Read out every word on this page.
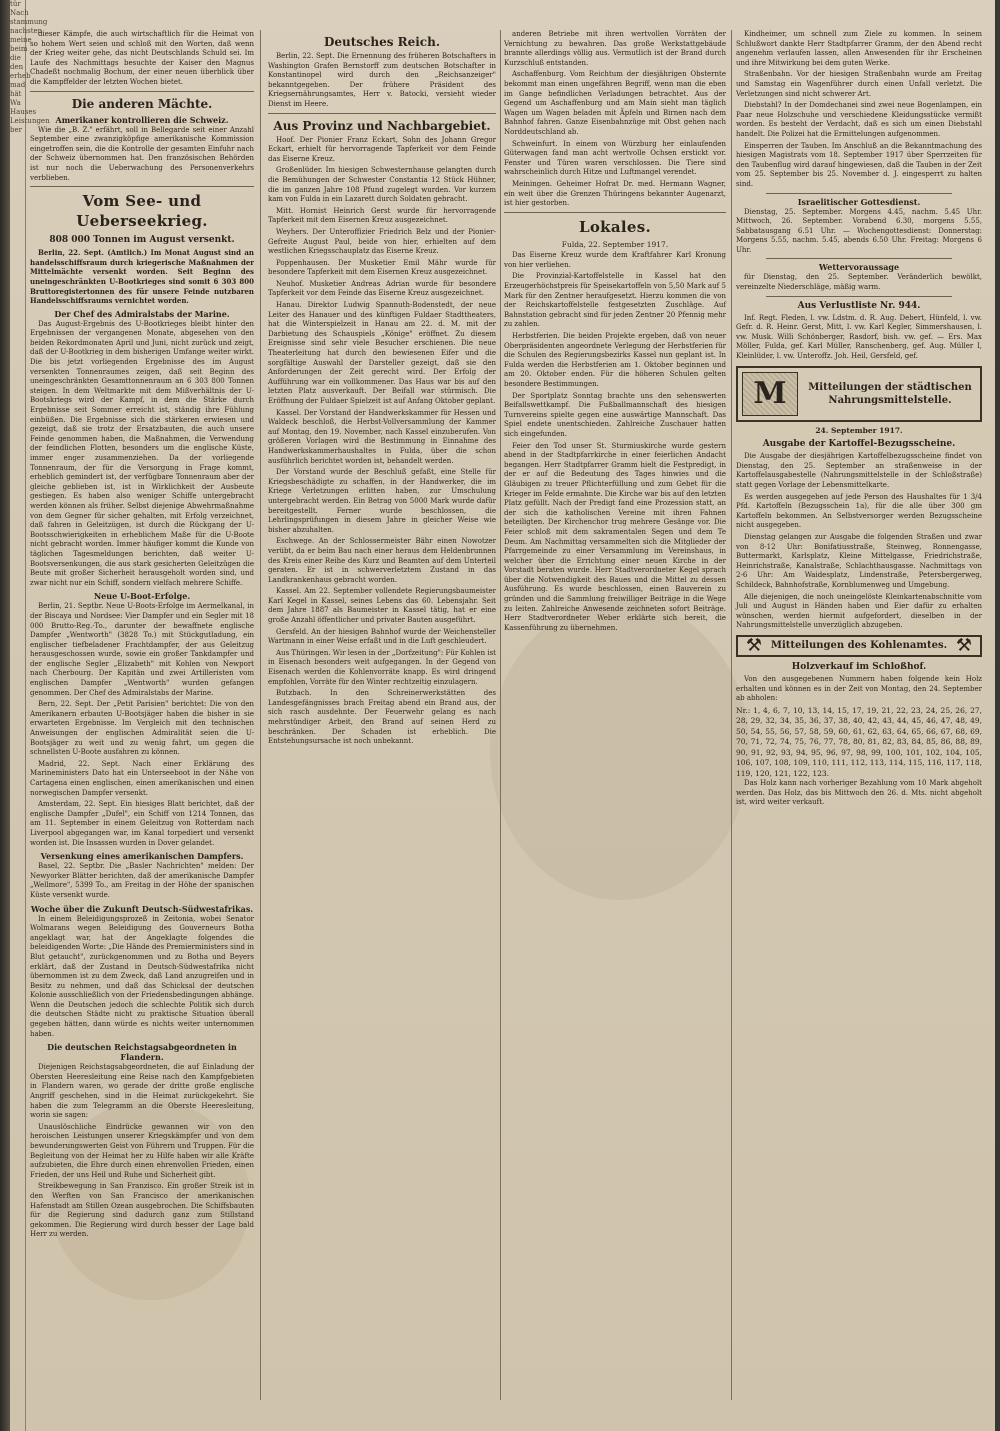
tür Nach stammung nachsten meine beim die den erheb mad hät Wa Hauses Leistungen ber
dieser Kämpfe, die auch wirtschaftlich für die Heimat von so hohem Wert seien und schloß mit den Worten, daß wenn der Krieg weiter gehe, das nicht Deutschlands Schuld sei. Im Laufe des Nachmittags besuchte der Kaiser den Magnus Chadeßt nochmalig Bochum, der einer neuen überblick über die Kampffelder der letzten Wochen bietet.
Die anderen Mächte.
Amerikaner kontrollieren die Schweiz.
Wie die „B. Z." erfährt, soll in Bellegarde seit einer Anzahl September eine zwanzigköpfige amerikanische Kommission eingetroffen sein, die die Kontrolle der gesamten Einfuhr nach der Schweiz übernommen hat. Den französischen Behörden ist nur noch die Ueberwachung des Personenverkehrs verblieben.
Vom See- und Ueberseekrieg.
808 000 Tonnen im August versenkt.
Berlin, 22. Sept. (Amtlich.) Im Monat August sind an handelsschiffsraum durch kriegerische Maßnahmen der Mittelmächte versenkt worden. Seit Beginn des uneingeschränkten U-Bootkrieges sind somit 6 303 800 Bruttoregistertonnen des für unsere Feinde nutzbaren Handelsschiffsraums vernichtet worden.
Der Chef des Admiralstabs der Marine.
Das August-Ergebnis des U-Bootkrieges bleibt hinter den Ergebnissen der vergangenen Monate, abgesehen von den beiden Rekordmonaten April und Juni, nicht zurück und zeigt, daß der U-Bootkrieg in dem bisherigen Umfange weiter wirkt. Die bis jetzt vorliegenden Ergebnisse des im August versenkten Tonnenraumes zeigen, daß seit Beginn des uneingeschränkten Gesamttonnenraum an 6 303 800 Tonnen steigen. In dem Weltmarkte mit dem Mißverhältnis der U-Bootskriegs wird der Kampf, in dem die Stärke durch Ergebnisse seit Sommer erreicht ist, ständig ihre Fühlung einbüßen. Die Ergebnisse sich die stärkeren erwiesen und gezeigt, daß sie trotz der Ersatzbauten, die auch unsere Feinde genommen haben, die Maßnahmen, die Verwendung der feindlichen Flotten, besonders um die englische Küste, immer enger zusammenziehen. Da der vorliegende Tonnenraum, der für die Versorgung in Frage kommt, erheblich gemindert ist, der verfügbare Tonnenraum aber der gleiche geblieben ist, ist in Wirklichkeit der Ausbeute gestiegen. Es haben also weniger Schiffe untergebracht werden können als früher. Selbst diejenige Abwehrmaßnahme von dem Gegner für sicher gehalten, mit Erfolg verzeichnet, daß fahren in Geleitzügen, ist durch die Rückgang der U-Bootsschwierigkeiten in erheblichem Maße für die U-Boote nicht gebracht worden. Immer häufiger kommt die Kunde von täglichen Tagesmeldungen berichten, daß weiter U-Bootsversenkungen, die aus stark gesicherten Geleitzügen die Beute mit großer Sicherheit herausgeholt worden sind, und zwar nicht nur ein Schiff, sondern vielfach mehrere Schiffe.
Neue U-Boot-Erfolge.
Berlin, 21. Septbr. Neue U-Boots-Erfolge im Aermelkanal, in der Biscaya und Nordsee: Vier Dampfer und ein Segler mit 18 000 Brutto-Reg.-To., darunter der bewaffnete englische Dampfer „Wentworth" (3828 To.) mit Stückgutladung, ein englischer tiefbeladener Frachtdampfer, der aus Geleitzug herausgeschossen wurde, sowie ein großer Tankdampfer und der englische Segler „Elizabeth" mit Kohlen von Newport nach Cherbourg. Der Kapitän und zwei Artilleristen vom englischen Dampfer „Wentworth" wurden gefangen genommen. Der Chef des Admiralstabs der Marine.
Bern, 22. Sept. Der „Petit Parisien" berichtet: Die von den Amerikanern erbauten U-Bootsjäger haben die bisher in sie erwarteten Ergebnisse. Im Vergleich mit den technischen Anweisungen der englischen Admiralität seien die U-Bootsjäger zu weit und zu wenig fahrt, um gegen die schnellsten U-Boote ausfahren zu können.
Madrid, 22. Sept. Nach einer Erklärung des Marineministers Dato hat ein Unterseeboot in der Nähe von Cartagena einen englischen, einen amerikanischen und einen norwegischen Dampfer versenkt.
Amsterdam, 22. Sept. Ein hiesiges Blatt berichtet, daß der englische Dampfer „Dufel", ein Schiff von 1214 Tonnen, das am 11. September in einem Geleitzug von Rotterdam nach Liverpool abgegangen war, im Kanal torpediert und versenkt worden ist. Die Insassen wurden in Dover gelandet.
Versenkung eines amerikanischen Dampfers.
Basel, 22. Septbr. Die „Basler Nachrichten" melden: Der Newyorker Blätter berichten, daß der amerikanische Dampfer „Wellmore", 5399 To., am Freitag in der Höhe der spanischen Küste versenkt wurde.
Woche über die Zukunft Deutsch-Südwestafrikas.
In einem Beleidigungsprozeß in Zeitonia, wobei Senator Wolmarans wegen Beleidigung des Gouverneurs Botha angeklagt war, hat der Angeklagte folgendes die beleidigenden Worte: „Die Hände des Premierministers sind in Blut getaucht", zurückgenommen und zu Botha und Beyers erklärt, daß der Zustand in Deutsch-Südwestafrika nicht übernommen ist zu dem Zweck, daß Land anzugreifen und in Besitz zu nehmen, und daß das Schicksal der deutschen Kolonie ausschließlich von der Friedensbedingungen abhänge. Wenn die Deutschen jedoch die schlechte Politik sich durch die deutschen Städte nicht zu praktische Situation überall gegeben hätten, dann würde es nichts weiter unternommen haben.
Die deutschen Reichstagsabgeordneten in Flandern.
Diejenigen Reichstagsabgeordneten, die auf Einladung der Obersten Heeresleitung eine Reise nach den Kampfgebieten in Flandern waren, wo gerade der dritte große englische Angriff geschehen, sind in die Heimat zurückgekehrt. Sie haben die zum Telegramm an die Oberste Heeresleitung, worin sie sagen:
Unauslöschliche Eindrücke gewannen wir von den heroischen Leistungen unserer Kriegskämpfer und von dem bewunderungswerten Geist von Führern und Truppen. Für die Begleitung von der Heimat her zu Hilfe haben wir alle Kräfte aufzubieten, die Ehre durch einen ehrenvollen Frieden, einen Frieden, der uns Heil und Ruhe und Sicherheit gibt.
Streikbewegung in San Franzisco. Ein großer Streik ist in den Werften von San Francisco der amerikanischen Hafenstadt am Stillen Ozean ausgebrochen. Die Schiffsbauten für die Regierung sind dadurch ganz zum Stillstand gekommen. Die Regierung wird durch besser der Lage bald Herr zu werden.
Deutsches Reich.
Berlin, 22. Sept. Die Ernennung des früheren Botschafters in Washington Grafen Bernstorff zum deutschen Botschafter in Konstantinopel wird durch den „Reichsanzeiger" bekanntgegeben. Der frühere Präsident des Kriegsernährungsamtes, Herr v. Batocki, versieht wieder Dienst im Heere.
Aus Provinz und Nachbargebiet.
Hoof. Der Pionier Franz Eckart, Sohn des Johann Gregor Eckart, erhielt für hervorragende Tapferkeit vor dem Feinde das Eiserne Kreuz.
Großenlüder. Im hiesigen Schwesternhause gelangten durch die Bemühungen der Schwester Constantia 12 Stück Hühner, die im ganzen Jahre 108 Pfund zugelegt wurden. Vor kurzem kam von Fulda in ein Lazarett durch Soldaten gebracht.
Mitt. Hornist Heinrich Gerst wurde für hervorragende Tapferkeit mit dem Eisernen Kreuz ausgezeichnet.
Weyhers. Der Unteroffizier Friedrich Belz und der Pionier-Gefreite August Paul, beide von hier, erhielten auf dem westlichen Kriegsschauplatz das Eiserne Kreuz.
Poppenhausen. Der Musketier Emil Mähr wurde für besondere Tapferkeit mit dem Eisernen Kreuz ausgezeichnet.
Neuhof. Musketier Andreas Adrian wurde für besondere Tapferkeit vor dem Feinde das Eiserne Kreuz ausgezeichnet.
Hanau. Direktor Ludwig Spannuth-Bodenstedt, der neue Leiter des Hanauer und des künftigen Fuldaer Stadttheaters, hat die Winterspielzeit in Hanau am 22. d. M. mit der Darbietung des Schauspiels „Könige" eröffnet. Zu diesem Ereignisse sind sehr viele Besucher erschienen. Die neue Theaterleitung hat durch den bewiesenen Eifer und die sorgfältige Auswahl der Darsteller gezeigt, daß sie den Anforderungen der Zeit gerecht wird. Der Erfolg der Aufführung war ein vollkommener. Das Haus war bis auf den letzten Platz ausverkauft. Der Beifall war stürmisch. Die Eröffnung der Fuldaer Spielzeit ist auf Anfang Oktober geplant.
Kassel. Der Vorstand der Handwerkskammer für Hessen und Waldeck beschloß, die Herbst-Vollversammlung der Kammer auf Montag, den 19. November, nach Kassel einzuberufen. Von größeren Vorlagen wird die Bestimmung in Einnahme des Handwerkskammerhaushaltes in Fulda, über die schon ausführlich berichtet worden ist, behandelt werden.
Der Vorstand wurde der Beschluß gefaßt, eine Stelle für Kriegsbeschädigte zu schaffen, in der Handwerker, die im Kriege Verletzungen erlitten haben, zur Umschulung untergebracht werden. Ein Betrag von 5000 Mark wurde dafür bereitgestellt. Ferner wurde beschlossen, die Lehrlingsprüfungen in diesem Jahre in gleicher Weise wie bisher abzuhalten.
Eschwege. An der Schlossermeister Bähr einen Nowotzer verübt, da er beim Bau nach einer heraus dem Heldenbrunnen des Kreis einer Reihe des Kurz und Beamten auf dem Unterteil geraten. Er ist in schwerverletztem Zustand in das Landkrankenhaus gebracht worden.
Kassel. Am 22. September vollendete Regierungsbaumeister Karl Kegel in Kassel, seines Lebens das 60. Lebensjahr. Seit dem Jahre 1887 als Baumeister in Kassel tätig, hat er eine große Anzahl öffentlicher und privater Bauten ausgeführt.
Gersfeld. An der hiesigen Bahnhof wurde der Weichensteller Wartmann in einer Weise erfaßt und in die Luft geschleudert.
Aus Thüringen. Wir lesen in der „Dorfzeitung": Für Kohlen ist in Eisenach besonders weit aufgegangen. In der Gegend von Eisenach werden die Kohlenvorräte knapp. Es wird dringend empfohlen, Vorräte für den Winter rechtzeitig einzulagern.
Butzbach. In den Schreinerwerkstätten des Landesgefängnisses brach Freitag abend ein Brand aus, der sich rasch ausdehnte. Der Feuerwehr gelang es nach mehrstündiger Arbeit, den Brand auf seinen Herd zu beschränken. Der Schaden ist erheblich. Die Entstehungsursache ist noch unbekannt.
anderen Betriebe mit ihren wertvollen Vorräten der Vernichtung zu bewahren. Das große Werkstattgebäude brannte allerdings völlig aus. Vermutlich ist der Brand durch Kurzschluß entstanden.
Aschaffenburg. Vom Reichtum der diesjährigen Obsternte bekommt man einen ungefähren Begriff, wenn man die eben im Gange befindlichen Verladungen betrachtet. Aus der Gegend um Aschaffenburg und am Main sieht man täglich Wagen um Wagen beladen mit Äpfeln und Birnen nach dem Bahnhof fahren. Ganze Eisenbahnzüge mit Obst gehen nach Norddeutschland ab.
Schweinfurt. In einem von Würzburg her einlaufenden Güterwagen fand man acht wertvolle Ochsen erstickt vor. Fenster und Türen waren verschlossen. Die Tiere sind wahrscheinlich durch Hitze und Luftmangel verendet.
Meiningen. Geheimer Hofrat Dr. med. Hermann Wagner, ein weit über die Grenzen Thüringens bekannter Augenarzt, ist hier gestorben.
Lokales.
Fulda, 22. September 1917.
Das Eiserne Kreuz wurde dem Kraftfahrer Karl Kronung von hier verliehen.
Die Provinzial-Kartoffelstelle in Kassel hat den Erzeugerhöchstpreis für Speisekartoffeln von 5,50 Mark auf 5 Mark für den Zentner heraufgesetzt. Hierzu kommen die von der Reichskartoffelstelle festgesetzten Zuschläge. Auf Bahnstation gebracht sind für jeden Zentner 20 Pfennig mehr zu zahlen.
Herbstferien. Die beiden Projekte ergeben, daß von neuer Oberpräsidenten angeordnete Verlegung der Herbstferien für die Schulen des Regierungsbezirks Kassel nun geplant ist. In Fulda werden die Herbstferien am 1. Oktober beginnen und am 20. Oktober enden. Für die höheren Schulen gelten besondere Bestimmungen.
Der Sportplatz Sonntag brachte uns den sehenswerten Beifallswettkampf. Die Fußballmannschaft des hiesigen Turnvereins spielte gegen eine auswärtige Mannschaft. Das Spiel endete unentschieden. Zahlreiche Zuschauer hatten sich eingefunden.
Feier den Tod unser St. Sturmiuskirche wurde gestern abend in der Stadtpfarrkirche in einer feierlichen Andacht begangen. Herr Stadtpfarrer Gramm hielt die Festpredigt, in der er auf die Bedeutung des Tages hinwies und die Gläubigen zu treuer Pflichterfüllung und zum Gebet für die Krieger im Felde ermahnte. Die Kirche war bis auf den letzten Platz gefüllt. Nach der Predigt fand eine Prozession statt, an der sich die katholischen Vereine mit ihren Fahnen beteiligten. Der Kirchenchor trug mehrere Gesänge vor. Die Feier schloß mit dem sakramentalen Segen und dem Te Deum. Am Nachmittag versammelten sich die Mitglieder der Pfarrgemeinde zu einer Versammlung im Vereinshaus, in welcher über die Errichtung einer neuen Kirche in der Vorstadt beraten wurde. Herr Stadtverordneter Kegel sprach über die Notwendigkeit des Baues und die Mittel zu dessen Ausführung. Es wurde beschlossen, einen Bauverein zu gründen und die Sammlung freiwilliger Beiträge in die Wege zu leiten. Zahlreiche Anwesende zeichneten sofort Beiträge. Herr Stadtverordneter Weber erklärte sich bereit, die Kassenführung zu übernehmen.
Kindheimer, um schnell zum Ziele zu kommen. In seinem Schlußwort dankte Herr Stadtpfarrer Gramm, der den Abend recht angenehm verlaufen lassen, allen Anwesenden für ihr Erscheinen und ihre Mitwirkung bei dem guten Werke.
Straßenbahn. Vor der hiesigen Straßenbahn wurde am Freitag und Samstag ein Wagenführer durch einen Unfall verletzt. Die Verletzungen sind nicht schwerer Art.
Diebstahl? In der Domdechanei sind zwei neue Bogenlampen, ein Paar neue Holzschuhe und verschiedene Kleidungsstücke vermißt worden. Es besteht der Verdacht, daß es sich um einen Diebstahl handelt. Die Polizei hat die Ermittelungen aufgenommen.
Einsperren der Tauben. Im Anschluß an die Bekanntmachung des hiesigen Magistrats vom 18. September 1917 über Sperrzeiten für den Taubenflug wird darauf hingewiesen, daß die Tauben in der Zeit vom 25. September bis 25. November d. J. eingesperrt zu halten sind.
Israelitischer Gottesdienst.
Dienstag, 25. September. Morgens 4.45, nachm. 5.45 Uhr. Mittwoch, 26. September. Vorabend 6.30, morgens 5.55, Sabbatausgang 6.51 Uhr. — Wochengottesdienst: Donnerstag: Morgens 5.55, nachm. 5.45, abends 6.50 Uhr. Freitag: Morgens 6 Uhr.
Wettervoraussage
für Dienstag, den 25. September. Veränderlich bewölkt, vereinzelte Niederschläge, mäßig warm.
Aus Verlustliste Nr. 944.
Inf. Regt. Fleden, l. vw. Ldstm. d. R. Aug. Debert, Hünfeld, l. vw. Gefr. d. R. Heinr. Gerst, Mitt, l. vw. Karl Kegler, Simmershausen, l. vw. Musk. Willi Schönberger, Rasdorf, bish. vw. gef. — Ers. Max Möller, Fulda, gef. Karl Müller, Ranschenberg, gef. Aug. Müller I, Kleinlüder, l. vw. Unteroffz. Joh. Heil, Gersfeld, gef.
M	Mitteilungen der städtischen Nahrungsmittelstelle.
24. September 1917.
Ausgabe der Kartoffel-Bezugsscheine.
Die Ausgabe der diesjährigen Kartoffelbezugsscheine findet von Dienstag, den 25. September an straßenweise in der Kartoffelausgabestelle (Nahrungsmittelstelle in der Schloßstraße) statt gegen Vorlage der Lebensmittelkarte.
Es werden ausgegeben auf jede Person des Haushaltes für 1 3/4 Pfd. Kartoffeln (Bezugsschein 1a), für die alle über 300 gm Kartoffeln bekommen. An Selbstversorger werden Bezugsscheine nicht ausgegeben.
Dienstag gelangen zur Ausgabe die folgenden Straßen und zwar von 8-12 Uhr: Bonifatiusstraße, Steinweg, Ronnengasse, Buttermarkt, Karlsplatz, Kleine Mittelgasse, Friedrichstraße, Heinrichstraße, Kanalstraße, Schlachthausgasse. Nachmittags von 2-6 Uhr: Am Waidesplatz, Lindenstraße, Petersbergerweg, Schildeck, Bahnhofstraße, Kornblumenweg und Umgebung.
Alle diejenigen, die noch uneingelöste Kleinkartenabschnitte vom Juli und August in Händen haben und Eier dafür zu erhalten wünschen, werden hiermit aufgefordert, dieselben in der Nahrungsmittelstelle unverzüglich abzugeben.
⚒ Mitteilungen des Kohlenamtes. ⚒
Holzverkauf im Schloßhof.
Von den ausgegebenen Nummern haben folgende kein Holz erhalten und können es in der Zeit von Montag, den 24. September ab abholen:
Nr.: 1, 4, 6, 7, 10, 13, 14, 15, 17, 19, 21, 22, 23, 24, 25, 26, 27, 28, 29, 32, 34, 35, 36, 37, 38, 40, 42, 43, 44, 45, 46, 47, 48, 49, 50, 54, 55, 56, 57, 58, 59, 60, 61, 62, 63, 64, 65, 66, 67, 68, 69, 70, 71, 72, 74, 75, 76, 77, 78, 80, 81, 82, 83, 84, 85, 86, 88, 89, 90, 91, 92, 93, 94, 95, 96, 97, 98, 99, 100, 101, 102, 104, 105, 106, 107, 108, 109, 110, 111, 112, 113, 114, 115, 116, 117, 118, 119, 120, 121, 122, 123.
Das Holz kann nach vorheriger Bezahlung vom 10 Mark abgeholt werden. Das Holz, das bis Mittwoch den 26. d. Mts. nicht abgeholt ist, wird weiter verkauft.
